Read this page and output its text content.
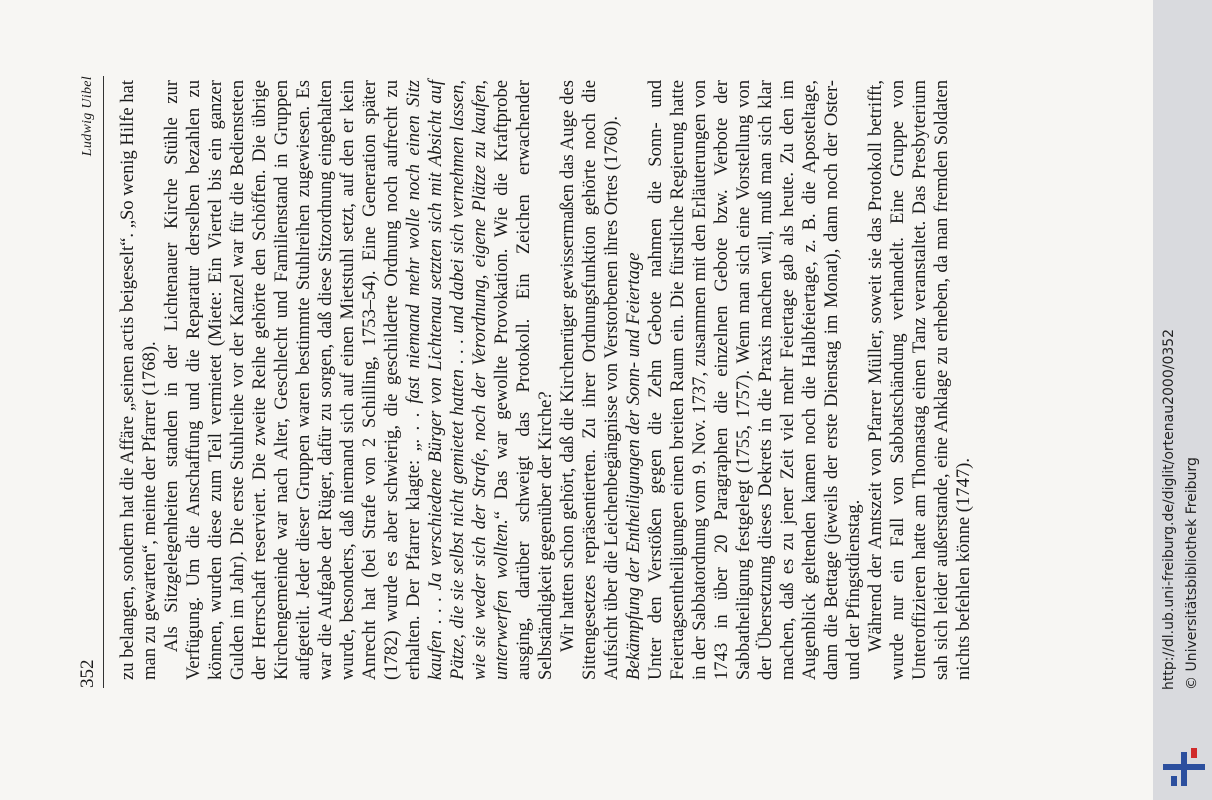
352
Ludwig Uibel zu belangen, sondern hat die Affäre „seinen actis beigeselt“. „So wenig Hilfe hat man zu gewarten“, meinte der Pfarrer (1768). Als Sitzgelegenheiten standen in der Lichtenauer Kirche Stühle zur Verfügung. Um die Anschaffung und die Reparatur derselben bezahlen zu können, wurden diese zum Teil vermietet (Miete: Ein Viertel bis ein ganzer Gulden im Jahr). Die erste Stuhlreihe vor der Kanzel war für die Bediensteten der Herrschaft reserviert. Die zweite Reihe gehörte den Schöffen. Die übrige Kirchengemeinde war nach Alter, Geschlecht und Familienstand in Gruppen aufgeteilt. Jeder dieser Gruppen waren bestimmte Stuhlreihen zugewiesen. Es war die Aufgabe der Rüger, dafür zu sorgen, daß diese Sitzordnung eingehalten wurde, besonders, daß niemand sich auf einen Mietstuhl setzt, auf den er kein Anrecht hat (bei Strafe von 2 Schilling, 1753–54). Eine Generation später (1782) wurde es aber schwierig, die geschilderte Ordnung noch aufrecht zu erhalten. Der Pfarrer klagte: „. . . fast niemand mehr wolle noch einen Sitz kaufen . . . Ja verschiedene Bürger von Lichtenau setzten sich mit Absicht auf Pätze, die sie selbst nicht gemietet hatten . . . und dabei sich vernehmen lassen, wie sie weder sich der Strafe, noch der Verordnung, eigene Plätze zu kaufen, unterwerfen wollten.“ Das war gewollte Provokation. Wie die Kraftprobe ausging, darüber schweigt das Protokoll. Ein Zeichen erwachender Selbständigkeit gegenüber der Kirche? Wir hatten schon gehört, daß die Kirchenrüger gewissermaßen das Auge des Sittengesetzes repräsentierten. Zu ihrer Ordnungsfunktion gehörte noch die Aufsicht über die Leichenbegängnisse von Verstorbenen ihres Ortes (1760). Bekämpfung der Entheiligungen der Sonn- und Feiertage Unter den Verstößen gegen die Zehn Gebote nahmen die Sonn- und Feiertagsentheiligungen einen breiten Raum ein. Die fürstliche Regierung hatte in der Sabbatordnung vom 9. Nov. 1737, zusammen mit den Erläuterungen von 1743 in über 20 Paragraphen die einzelnen Gebote bzw. Verbote der Sabbatheiligung festgelegt (1755, 1757). Wenn man sich eine Vorstellung von der Übersetzung dieses Dekrets in die Praxis machen will, muß man sich klar machen, daß es zu jener Zeit viel mehr Feiertage gab als heute. Zu den im Augenblick geltenden kamen noch die Halbfeiertage, z. B. die Aposteltage, dann die Bettage (jeweils der erste Dienstag im Monat), dann noch der Oster- und der Pfingstdienstag. Während der Amtszeit von Pfarrer Müller, soweit sie das Protokoll betrifft, wurde nur ein Fall von Sabbatschändung verhandelt. Eine Gruppe von Unteroffizieren hatte am Thomastag einen Tanz veranstaltet. Das Presbyterium sah sich leider außerstande, eine Anklage zu erheben, da man fremden Soldaten nichts befehlen könne (1747).	http://dl.ub.uni-freiburg.de/diglit/ortenau2000/0352 © Universitätsbibliothek Freiburg
